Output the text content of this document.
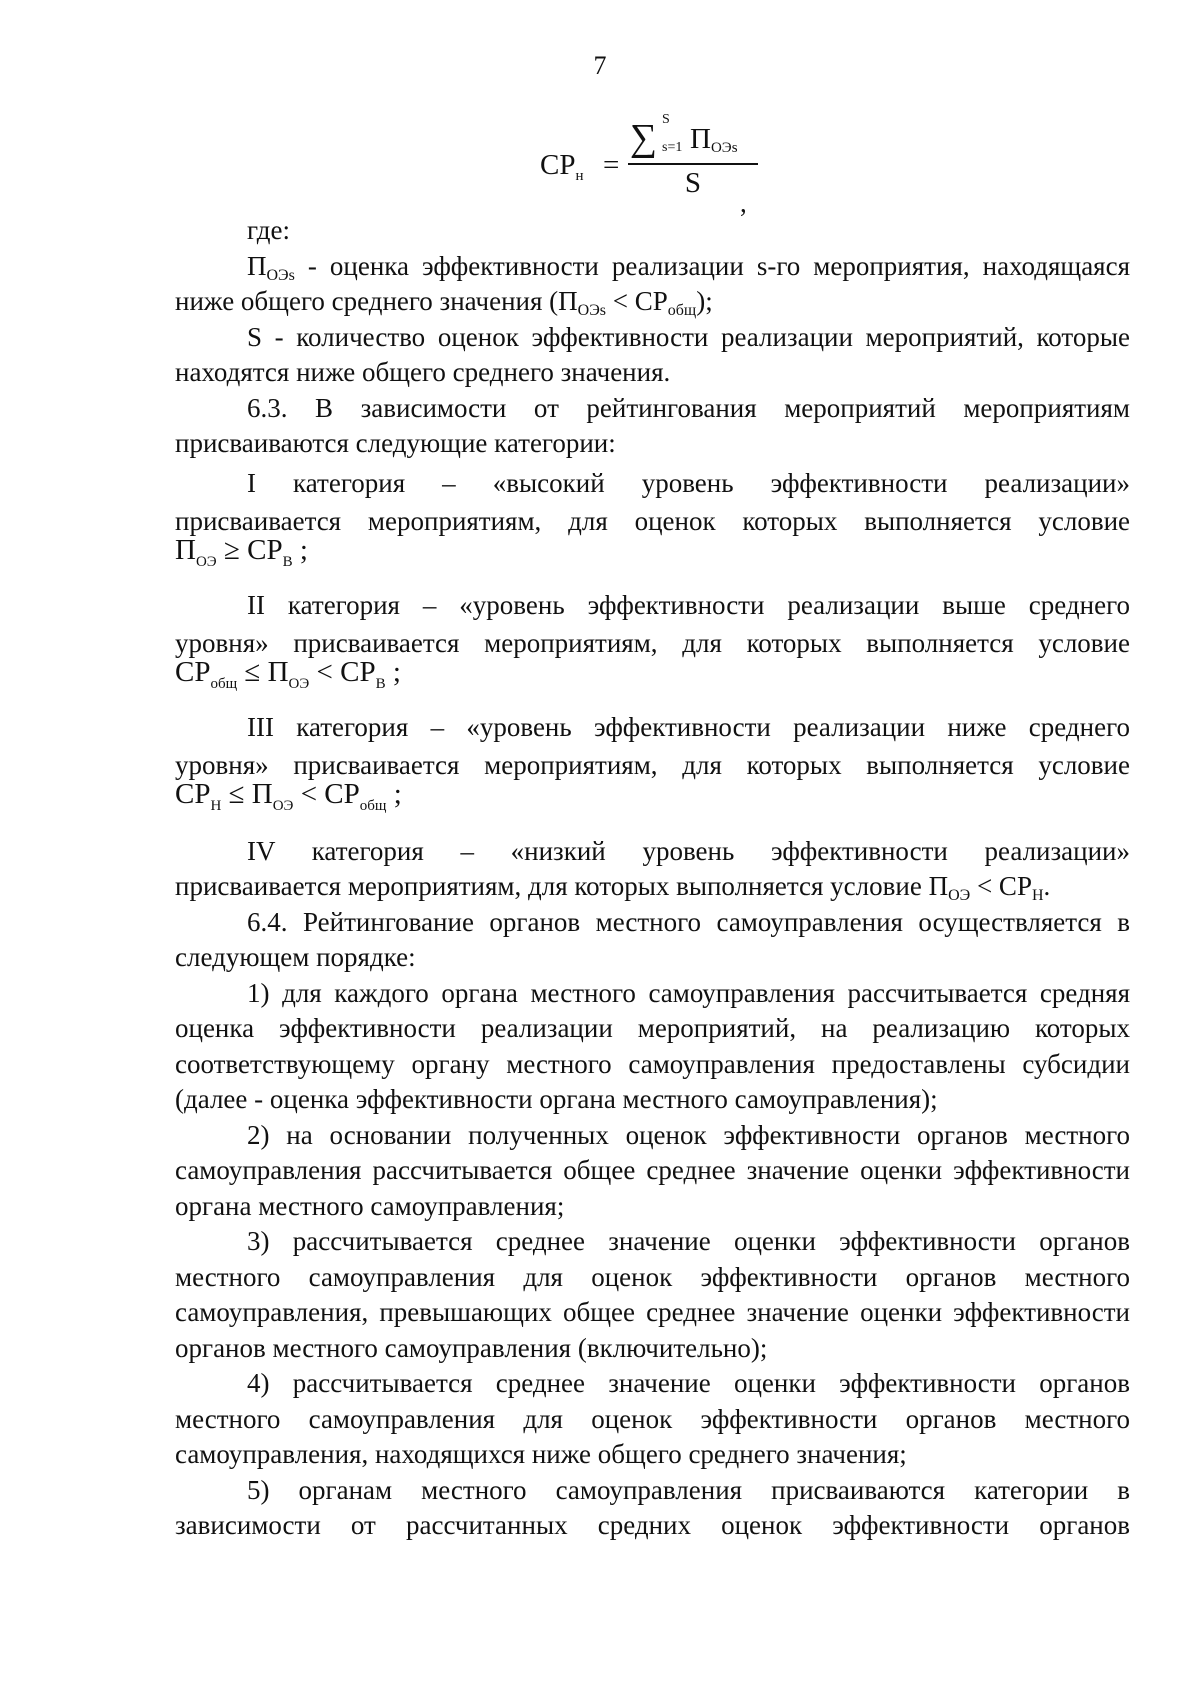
7
$СР_н$ =
∑ S
s=1 $П_{ОЭs}$
S
,

где:

$П_{ОЭs}$ - оценка эффективности реализации s-го мероприятия, находящаяся ниже общего среднего значения $(П_{ОЭs} < СР_{общ})$;

S - количество оценок эффективности реализации мероприятий, которые находятся ниже общего среднего значения.

6.3. В зависимости от рейтингования мероприятий мероприятиям присваиваются следующие категории:

I категория – «высокий уровень эффективности реализации»

присваивается мероприятиям, для оценок которых выполняется условие

$П_{ОЭ} \ge СР_В$ ;

II категория – «уровень эффективности реализации выше среднего

уровня» присваивается мероприятиям, для которых выполняется условие

$СР_{общ} \le П_{ОЭ} < СР_В$ ;

III категория – «уровень эффективности реализации ниже среднего

уровня» присваивается мероприятиям, для которых выполняется условие

$СР_Н \le П_{ОЭ} < СР_{общ}$ ;

IV категория – «низкий уровень эффективности реализации»

присваивается мероприятиям, для которых выполняется условие $П_{ОЭ} < СР_Н$.

6.4. Рейтингование органов местного самоуправления осуществляется в следующем порядке:

1) для каждого органа местного самоуправления рассчитывается средняя оценка эффективности реализации мероприятий, на реализацию которых соответствующему органу местного самоуправления предоставлены субсидии (далее - оценка эффективности органа местного самоуправления);

2) на основании полученных оценок эффективности органов местного самоуправления рассчитывается общее среднее значение оценки эффективности органа местного самоуправления;

3) рассчитывается среднее значение оценки эффективности органов местного самоуправления для оценок эффективности органов местного самоуправления, превышающих общее среднее значение оценки эффективности органов местного самоуправления (включительно);

4) рассчитывается среднее значение оценки эффективности органов местного самоуправления для оценок эффективности органов местного самоуправления, находящихся ниже общего среднего значения;

5) органам местного самоуправления присваиваются категории в зависимости от рассчитанных средних оценок эффективности органов
